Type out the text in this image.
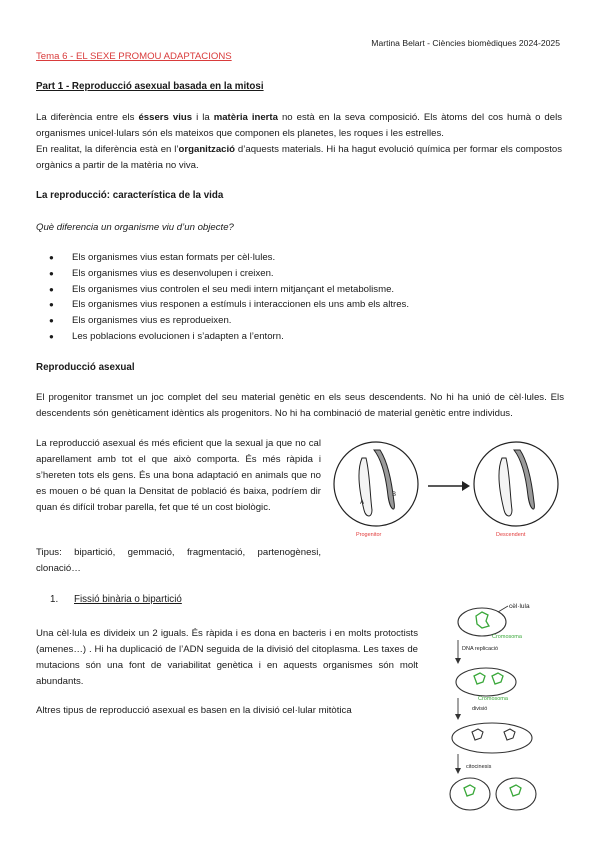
Martina Belart - Ciències biomèdiques 2024-2025
Tema 6 - EL SEXE PROMOU ADAPTACIONS
Part 1 - Reproducció asexual basada en la mitosi
La diferència entre els éssers vius i la matèria inerta no està en la seva composició. Els àtoms del cos humà o dels organismes unicel·lulars són els mateixos que componen els planetes, les roques i les estrelles.
En realitat, la diferència està en l’organització d’aquests materials. Hi ha hagut evolució química per formar els compostos orgànics a partir de la matèria no viva.
La reproducció: característica de la vida
Què diferencia un organisme viu d’un objecte?
● Els organismes vius estan formats per cèl·lules.
● Els organismes vius es desenvolupen i creixen.
● Els organismes vius controlen el seu medi intern mitjançant el metabolisme.
● Els organismes vius responen a estímuls i interaccionen els uns amb els altres.
● Els organismes vius es reprodueixen.
● Les poblacions evolucionen i s’adapten a l’entorn.
Reproducció asexual
El progenitor transmet un joc complet del seu material genètic en els seus descendents. No hi ha unió de cèl·lules. Els descendents són genèticament idèntics als progenitors. No hi ha combinació de material genètic entre individus.
La reproducció asexual és més eficient que la sexual ja que no cal aparellament amb tot el que això comporta. És més ràpida i s’hereten tots els gens. És una bona adaptació en animals que no es mouen o bé quan la Densitat de població és baixa, podríem dir quan és difícil trobar parella, fet que té un cost biològic.
Tipus: bipartició, gemmació, fragmentació, partenogènesi, clonació…
A
B
Progenitor	Descendent
1. Fissió binària o bipartició
Una cèl·lula es divideix un 2 iguals. És ràpida i es dona en bacteris i en molts protoctists (amenes…) . Hi ha duplicació de l’ADN seguida de la divisió del citoplasma. Les taxes de mutacions són una font de variabilitat genètica i en aquests organismes són molt abundants.
Altres tipus de reproducció asexual es basen en la divisió cel·lular mitòtica
cèl·lula
Cromosoma
DNA replicació
Cromosoma
divisió
citocinesis
